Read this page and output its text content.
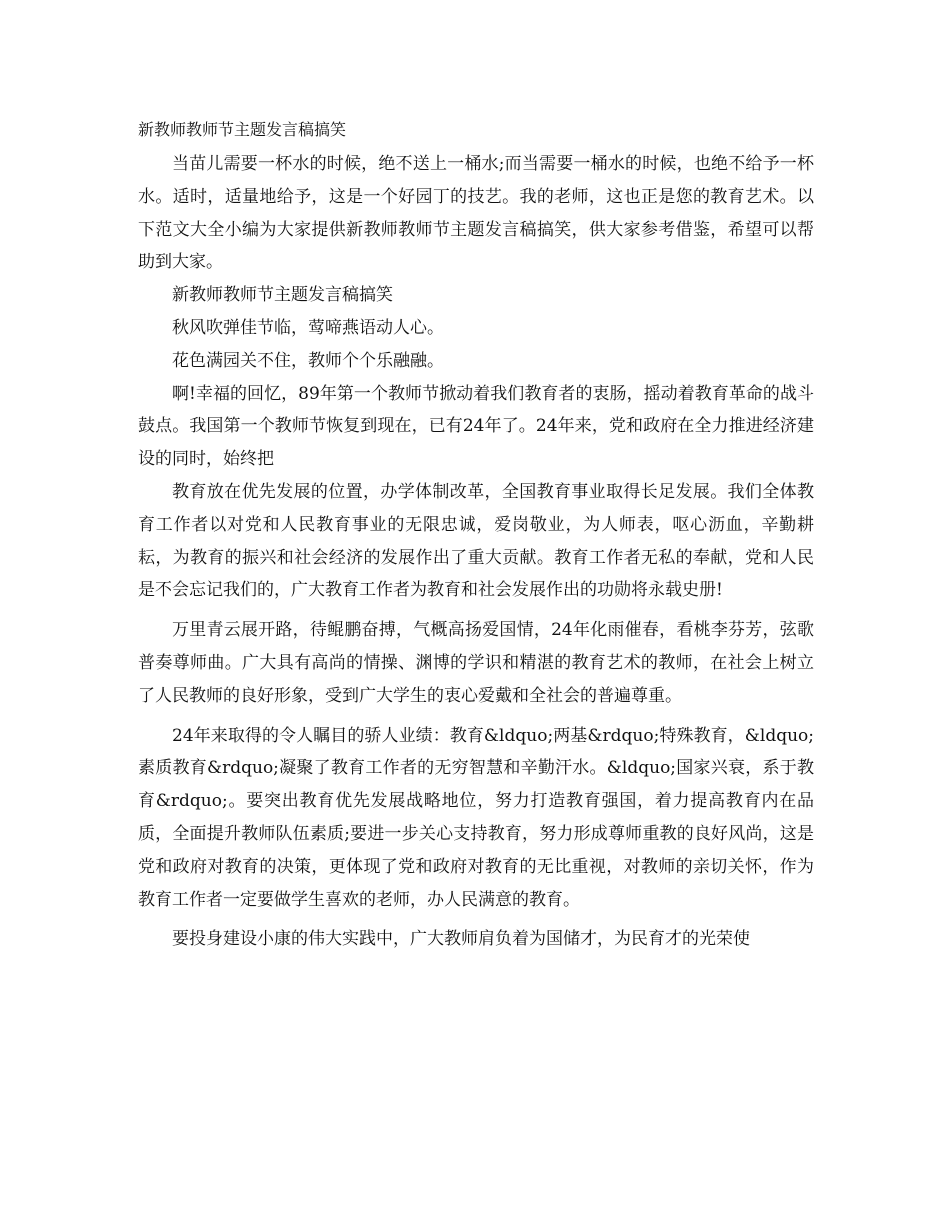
新教师教师节主题发言稿搞笑

当苗儿需要一杯水的时候，绝不送上一桶水;而当需要一桶水的时候，也绝不给予一杯水。适时，适量地给予，这是一个好园丁的技艺。我的老师，这也正是您的教育艺术。以下范文大全小编为大家提供新教师教师节主题发言稿搞笑，供大家参考借鉴，希望可以帮助到大家。

新教师教师节主题发言稿搞笑

秋风吹弹佳节临，莺啼燕语动人心。

花色满园关不住，教师个个乐融融。

啊!幸福的回忆，89年第一个教师节掀动着我们教育者的衷肠，摇动着教育革命的战斗鼓点。我国第一个教师节恢复到现在，已有24年了。24年来，党和政府在全力推进经济建设的同时，始终把

教育放在优先发展的位置，办学体制改革，全国教育事业取得长足发展。我们全体教育工作者以对党和人民教育事业的无限忠诚，爱岗敬业，为人师表，呕心沥血，辛勤耕耘，为教育的振兴和社会经济的发展作出了重大贡献。教育工作者无私的奉献，党和人民是不会忘记我们的，广大教育工作者为教育和社会发展作出的功勋将永载史册!

万里青云展开路，待鲲鹏奋搏，气概高扬爱国情，24年化雨催春，看桃李芬芳，弦歌普奏尊师曲。广大具有高尚的情操、渊博的学识和精湛的教育艺术的教师，在社会上树立了人民教师的良好形象，受到广大学生的衷心爱戴和全社会的普遍尊重。

24年来取得的令人瞩目的骄人业绩：教育&ldquo;两基&rdquo;特殊教育，&ldquo;素质教育&rdquo;凝聚了教育工作者的无穷智慧和辛勤汗水。&ldquo;国家兴衰，系于教育&rdquo;。要突出教育优先发展战略地位，努力打造教育强国，着力提高教育内在品质，全面提升教师队伍素质;要进一步关心支持教育，努力形成尊师重教的良好风尚，这是党和政府对教育的决策，更体现了党和政府对教育的无比重视，对教师的亲切关怀，作为教育工作者一定要做学生喜欢的老师，办人民满意的教育。

要投身建设小康的伟大实践中，广大教师肩负着为国储才，为民育才的光荣使
